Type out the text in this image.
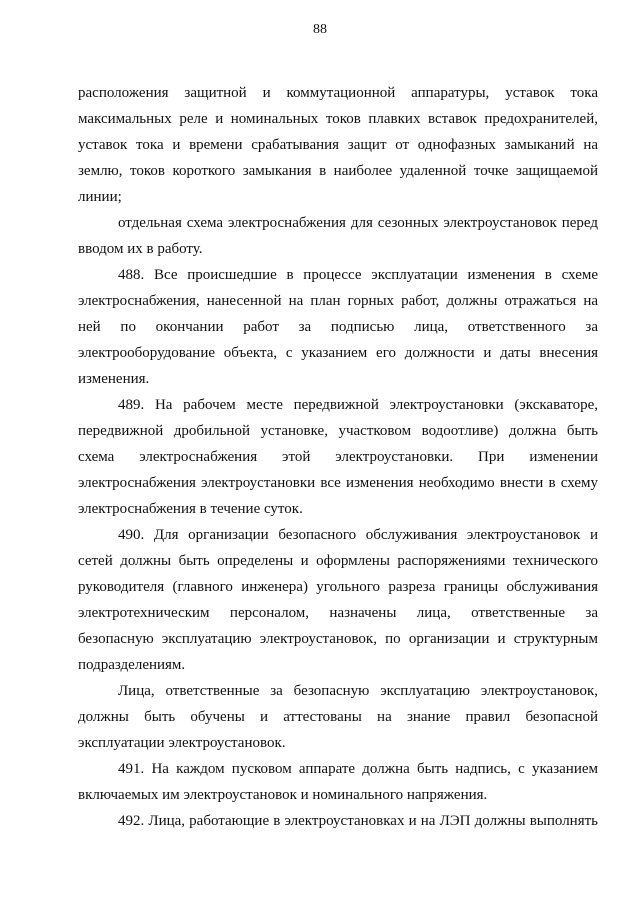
88
расположения защитной и коммутационной аппаратуры, уставок тока
максимальных реле и номинальных токов плавких вставок предохранителей,
уставок тока и времени срабатывания защит от однофазных замыканий на
землю, токов короткого замыкания в наиболее удаленной точке защищаемой
линии;
отдельная схема электроснабжения для сезонных электроустановок перед
вводом их в работу.
488. Все происшедшие в процессе эксплуатации изменения в схеме
электроснабжения, нанесенной на план горных работ, должны отражаться на
ней по окончании работ за подписью лица, ответственного за
электрооборудование объекта, с указанием его должности и даты внесения
изменения.
489. На рабочем месте передвижной электроустановки (экскаваторе,
передвижной дробильной установке, участковом водоотливе) должна быть
схема электроснабжения этой электроустановки. При изменении
электроснабжения электроустановки все изменения необходимо внести в схему
электроснабжения в течение суток.
490. Для организации безопасного обслуживания электроустановок и
сетей должны быть определены и оформлены распоряжениями технического
руководителя (главного инженера) угольного разреза границы обслуживания
электротехническим персоналом, назначены лица, ответственные за
безопасную эксплуатацию электроустановок, по организации и структурным
подразделениям.
Лица, ответственные за безопасную эксплуатацию электроустановок,
должны быть обучены и аттестованы на знание правил безопасной
эксплуатации электроустановок.
491. На каждом пусковом аппарате должна быть надпись, с указанием
включаемых им электроустановок и номинального напряжения.
492. Лица, работающие в электроустановках и на ЛЭП должны выполнять
